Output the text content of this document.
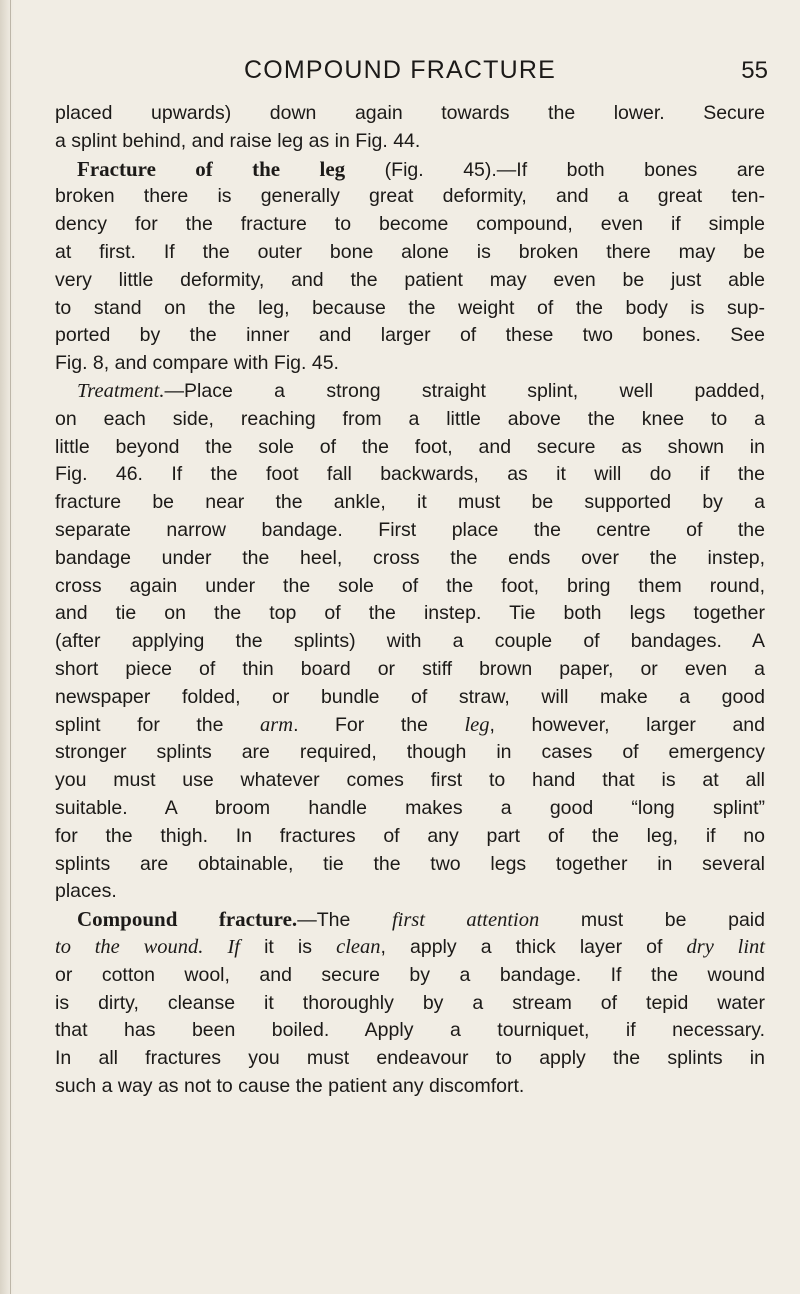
COMPOUND FRACTURE	55
placed upwards) down again towards the lower. Secure
a splint behind, and raise leg as in Fig. 44.
Fracture of the leg (Fig. 45).—If both bones are
broken there is generally great deformity, and a great ten-
dency for the fracture to become compound, even if simple
at first. If the outer bone alone is broken there may be
very little deformity, and the patient may even be just able
to stand on the leg, because the weight of the body is sup-
ported by the inner and larger of these two bones. See
Fig. 8, and compare with Fig. 45.
Treatment.—Place a strong straight splint, well padded,
on each side, reaching from a little above the knee to a
little beyond the sole of the foot, and secure as shown in
Fig. 46. If the foot fall backwards, as it will do if the
fracture be near the ankle, it must be supported by a
separate narrow bandage. First place the centre of the
bandage under the heel, cross the ends over the instep,
cross again under the sole of the foot, bring them round,
and tie on the top of the instep. Tie both legs together
(after applying the splints) with a couple of bandages. A
short piece of thin board or stiff brown paper, or even a
newspaper folded, or bundle of straw, will make a good
splint for the arm. For the leg, however, larger and
stronger splints are required, though in cases of emergency
you must use whatever comes first to hand that is at all
suitable. A broom handle makes a good “long splint”
for the thigh. In fractures of any part of the leg, if no
splints are obtainable, tie the two legs together in several
places.
Compound fracture.—The first attention must be paid
to the wound. If it is clean, apply a thick layer of dry lint
or cotton wool, and secure by a bandage. If the wound
is dirty, cleanse it thoroughly by a stream of tepid water
that has been boiled. Apply a tourniquet, if necessary.
In all fractures you must endeavour to apply the splints in
such a way as not to cause the patient any discomfort.
